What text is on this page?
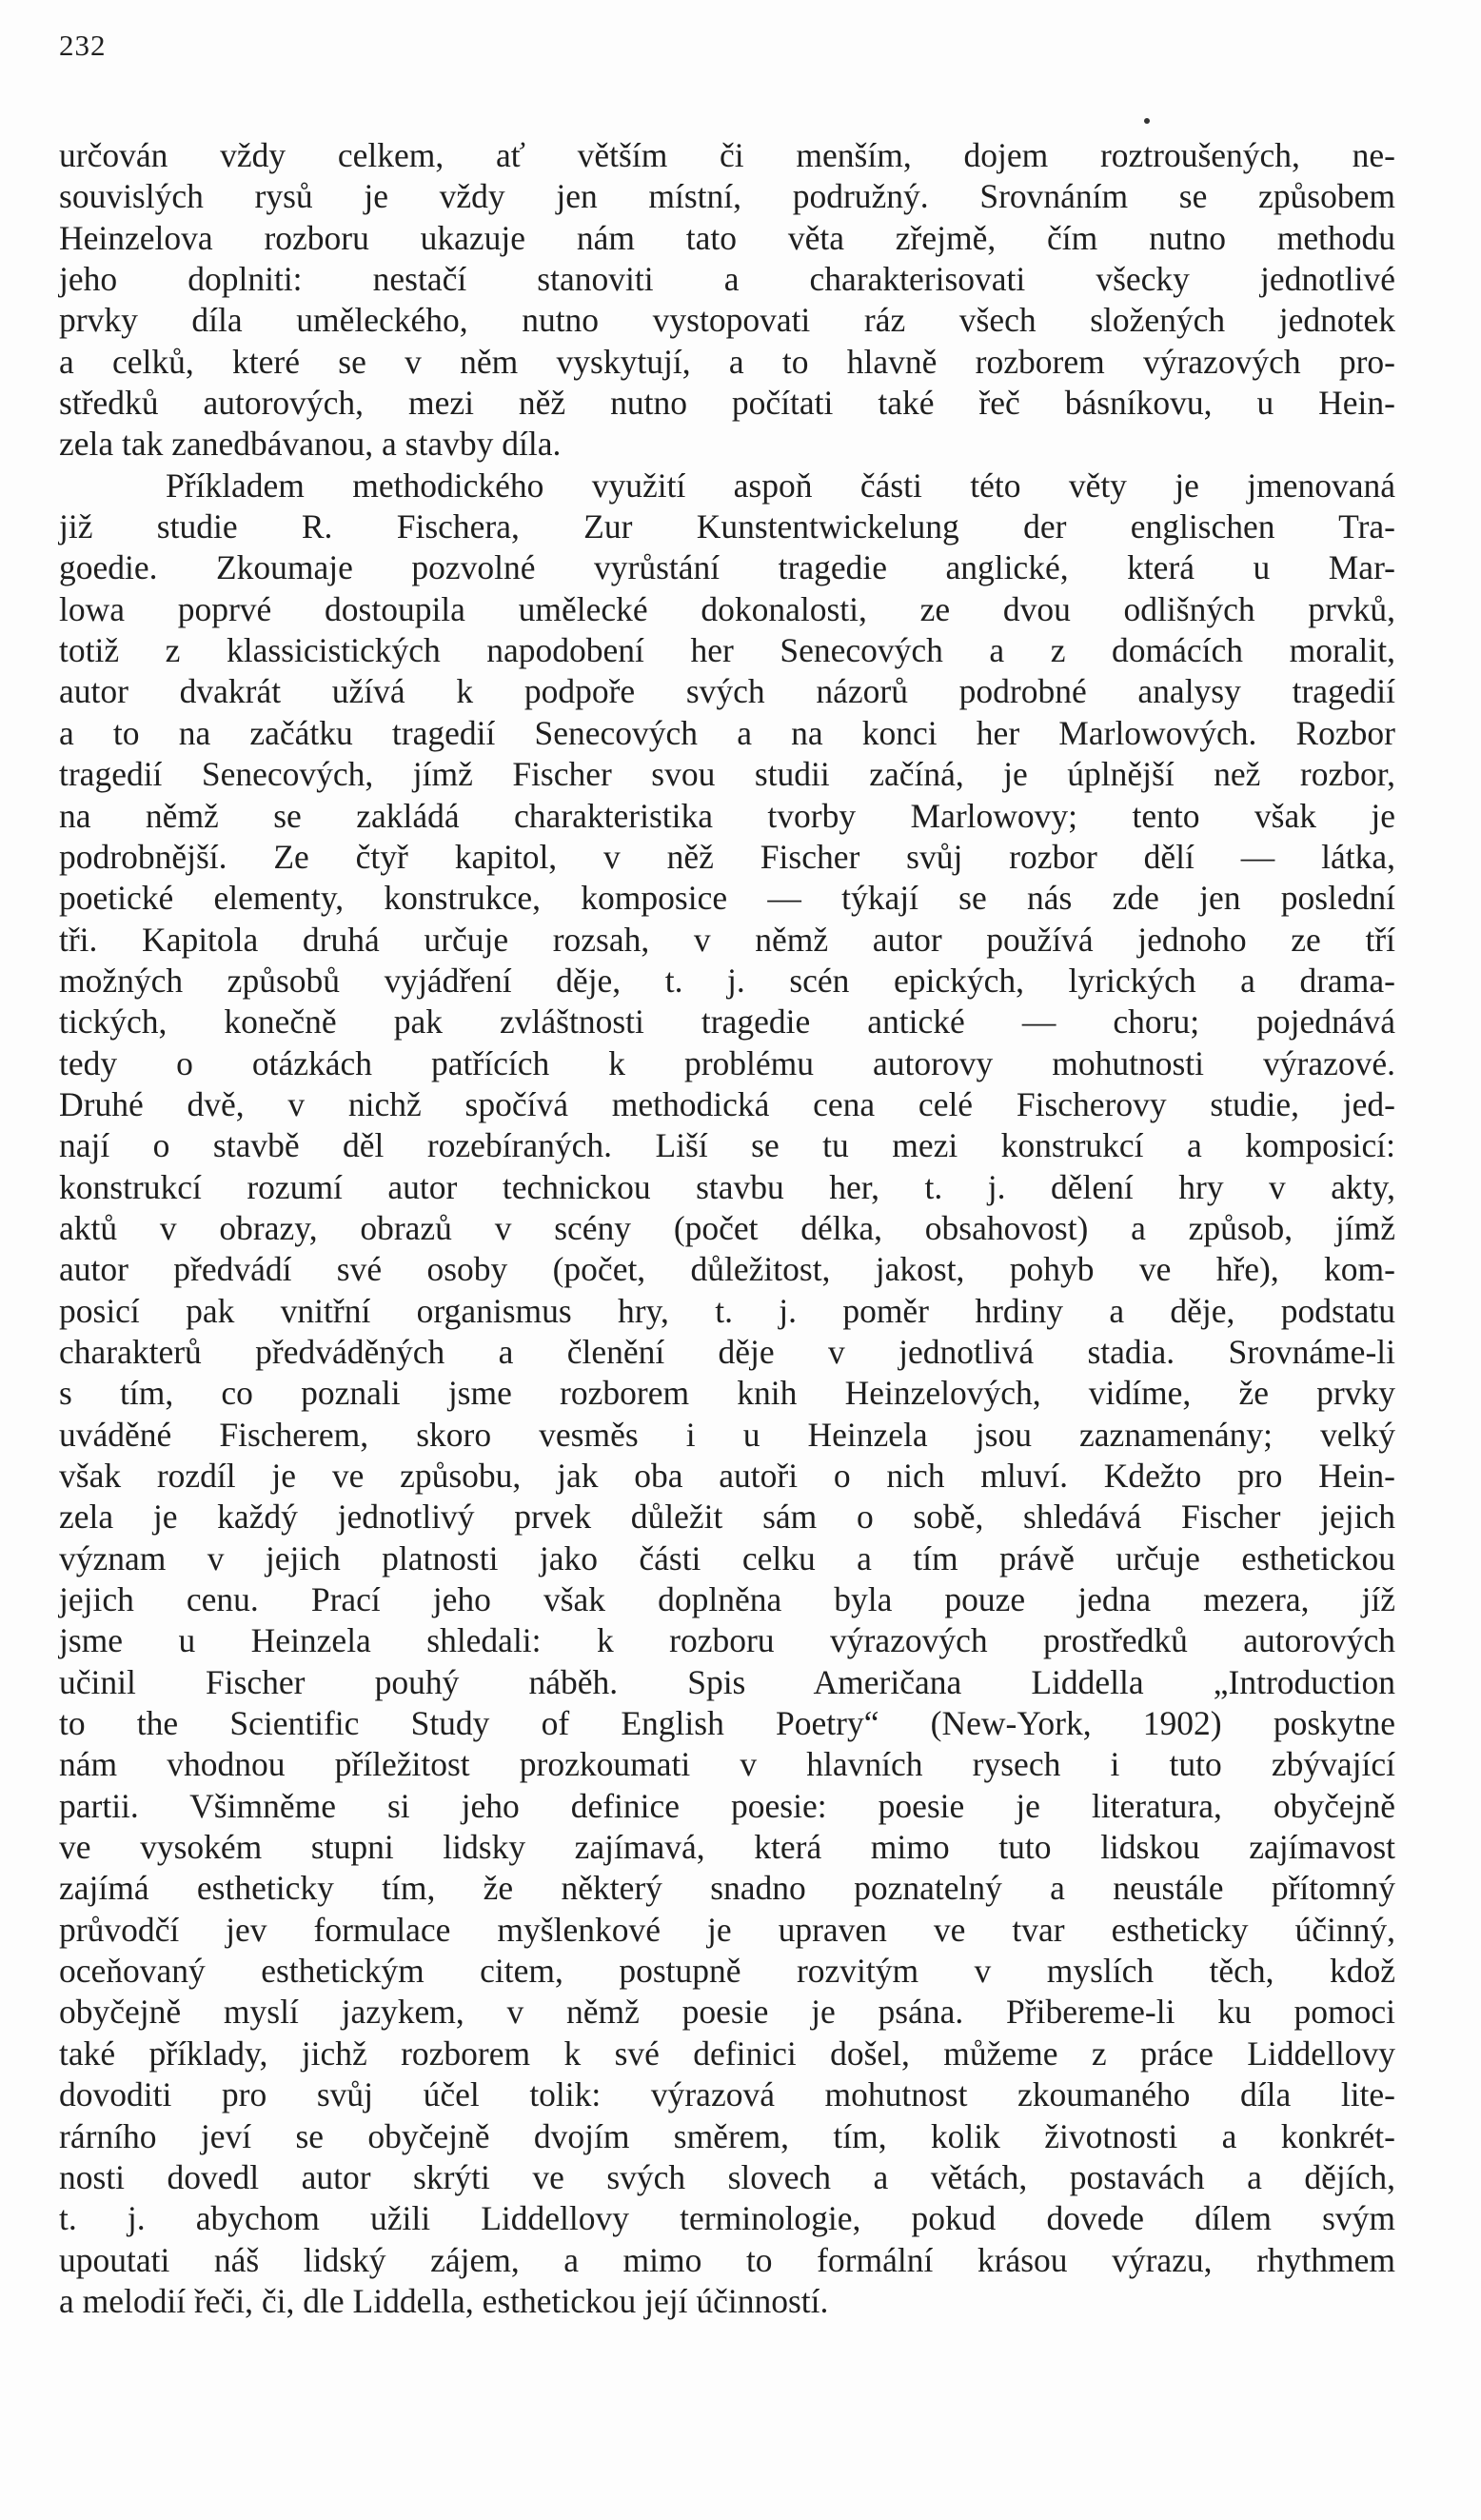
232
určován vždy celkem, ať větším či menším, dojem roztroušených, ne-
souvislých rysů je vždy jen místní, podružný. Srovnáním se způsobem
Heinzelova rozboru ukazuje nám tato věta zřejmě, čím nutno methodu
jeho doplniti: nestačí stanoviti a charakterisovati všecky jednotlivé
prvky díla uměleckého, nutno vystopovati ráz všech složených jednotek
a celků, které se v něm vyskytují, a to hlavně rozborem výrazových pro-
středků autorových, mezi něž nutno počítati také řeč básníkovu, u Hein-
zela tak zanedbávanou, a stavby díla.
Příkladem methodického využití aspoň části této věty je jmenovaná
již studie R. Fischera, Zur Kunstentwickelung der englischen Tra-
goedie. Zkoumaje pozvolné vyrůstání tragedie anglické, která u Mar-
lowa poprvé dostoupila umělecké dokonalosti, ze dvou odlišných prvků,
totiž z klassicistických napodobení her Senecových a z domácích moralit,
autor dvakrát užívá k podpoře svých názorů podrobné analysy tragedií
a to na začátku tragedií Senecových a na konci her Marlowových. Rozbor
tragedií Senecových, jímž Fischer svou studii začíná, je úplnější než rozbor,
na němž se zakládá charakteristika tvorby Marlowovy; tento však je
podrobnější. Ze čtyř kapitol, v něž Fischer svůj rozbor dělí — látka,
poetické elementy, konstrukce, komposice — týkají se nás zde jen poslední
tři. Kapitola druhá určuje rozsah, v němž autor používá jednoho ze tří
možných způsobů vyjádření děje, t. j. scén epických, lyrických a drama-
tických, konečně pak zvláštnosti tragedie antické — choru; pojednává
tedy o otázkách patřících k problému autorovy mohutnosti výrazové.
Druhé dvě, v nichž spočívá methodická cena celé Fischerovy studie, jed-
nají o stavbě děl rozebíraných. Liší se tu mezi konstrukcí a komposicí:
konstrukcí rozumí autor technickou stavbu her, t. j. dělení hry v akty,
aktů v obrazy, obrazů v scény (počet délka, obsahovost) a způsob, jímž
autor předvádí své osoby (počet, důležitost, jakost, pohyb ve hře), kom-
posicí pak vnitřní organismus hry, t. j. poměr hrdiny a děje, podstatu
charakterů předváděných a členění děje v jednotlivá stadia. Srovnáme-li
s tím, co poznali jsme rozborem knih Heinzelových, vidíme, že prvky
uváděné Fischerem, skoro vesměs i u Heinzela jsou zaznamenány; velký
však rozdíl je ve způsobu, jak oba autoři o nich mluví. Kdežto pro Hein-
zela je každý jednotlivý prvek důležit sám o sobě, shledává Fischer jejich
význam v jejich platnosti jako části celku a tím právě určuje esthetickou
jejich cenu. Prací jeho však doplněna byla pouze jedna mezera, jíž
jsme u Heinzela shledali: k rozboru výrazových prostředků autorových
učinil Fischer pouhý náběh. Spis Američana Liddella „Introduction
to the Scientific Study of English Poetry“ (New-York, 1902) poskytne
nám vhodnou příležitost prozkoumati v hlavních rysech i tuto zbývající
partii. Všimněme si jeho definice poesie: poesie je literatura, obyčejně
ve vysokém stupni lidsky zajímavá, která mimo tuto lidskou zajímavost
zajímá estheticky tím, že některý snadno poznatelný a neustále přítomný
průvodčí jev formulace myšlenkové je upraven ve tvar estheticky účinný,
oceňovaný esthetickým citem, postupně rozvitým v myslích těch, kdož
obyčejně myslí jazykem, v němž poesie je psána. Přibereme-li ku pomoci
také příklady, jichž rozborem k své definici došel, můžeme z práce Liddellovy
dovoditi pro svůj účel tolik: výrazová mohutnost zkoumaného díla lite-
rárního jeví se obyčejně dvojím směrem, tím, kolik životnosti a konkrét-
nosti dovedl autor skrýti ve svých slovech a větách, postavách a dějích,
t. j. abychom užili Liddellovy terminologie, pokud dovede dílem svým
upoutati náš lidský zájem, a mimo to formální krásou výrazu, rhythmem
a melodií řeči, či, dle Liddella, esthetickou její účinností.
